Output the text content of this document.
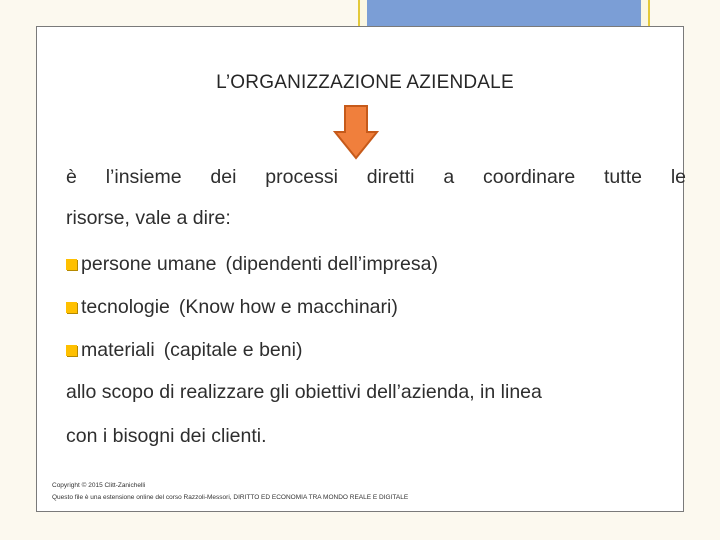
L’ORGANIZZAZIONE AZIENDALE
è l’insieme dei processi diretti a coordinare tutte le
risorse, vale a dire:
persone umane (dipendenti dell’impresa)
tecnologie (Know how e macchinari)
materiali (capitale e beni)
allo scopo di realizzare gli obiettivi dell’azienda, in linea
con i bisogni dei clienti.
Copyright © 2015 Clitt-Zanichelli
Questo file è una estensione online del corso Razzoli-Messori, DIRITTO ED ECONOMIA TRA MONDO REALE E DIGITALE
